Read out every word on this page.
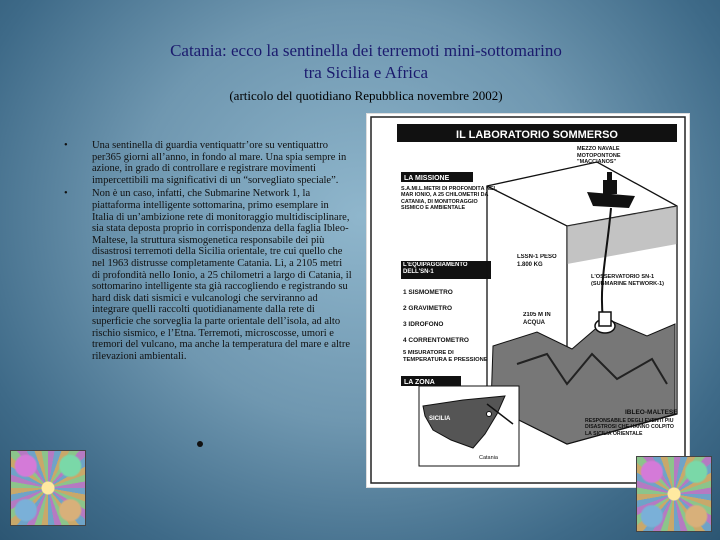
Catania: ecco la sentinella dei terremoti mini-sottomarino
tra Sicilia e Africa
(articolo del quotidiano Repubblica novembre 2002)
• Una sentinella di guardia ventiquattr’ore su ventiquattro per365 giorni all’anno, in fondo al mare. Una spia sempre in azione, in grado di controllare e registrare movimenti impercettibili ma significativi di un “sorvegliato speciale”.
• Non è un caso, infatti, che Submarine Network 1, la piattaforma intelligente sottomarina, primo esemplare in Italia di un’ambizione rete di monitoraggio multidisciplinare, sia stata deposta proprio in corrispondenza della faglia Ibleo-Maltese, la struttura sismogenetica responsabile dei più disastrosi terremoti della Sicilia orientale, tre cui quello che nel 1963 distrusse completamente Catania. Lì, a 2105 metri di profondità nello Ionio, a 25 chilometri a largo di Catania, il sottomarino intelligente sta già raccogliendo e registrando su hard disk dati sismici e vulcanologi che serviranno ad integrare quelli raccolti quotidianamente dalla rete di superficie che sorveglia la parte orientale dell’isola, ad alto rischio sismico, e l’Etna. Terremoti, microscosse, umori e tremori del vulcano, ma anche la temperatura del mare e altre rilevazioni ambientali.
IL LABORATORIO SOMMERSO
LA MISSIONE
S.A.MI.L.METRI DI PROFONDITÀ NEL MAR IONIO, A 25 CHILOMETRI DA CATANIA, DI MONITORAGGIO SISMICO E AMBIENTALE
L'EQUIPAGGIAMENTO DELL'SN-1
1 SISMOMETRO
2 GRAVIMETRO
3 IDROFONO
4 CORRENTOMETRO
5 MISURATORE DI TEMPERATURA E PRESSIONE
LA ZONA
MEZZO NAVALE MOTOPONTONE "MACCIANOS"
LSSN-1 PESO 1.800 KG
L'OSSERVATORIO SN-1 (SUBMARINE NETWORK-1)
2105 M IN ACQUA
IBLEO-MALTESE
RESPONSABILE DEGLI EVENTI PIÙ DISASTROSI CHE HANNO COLPITO LA SICILIA ORIENTALE
SICILIA
Catania
